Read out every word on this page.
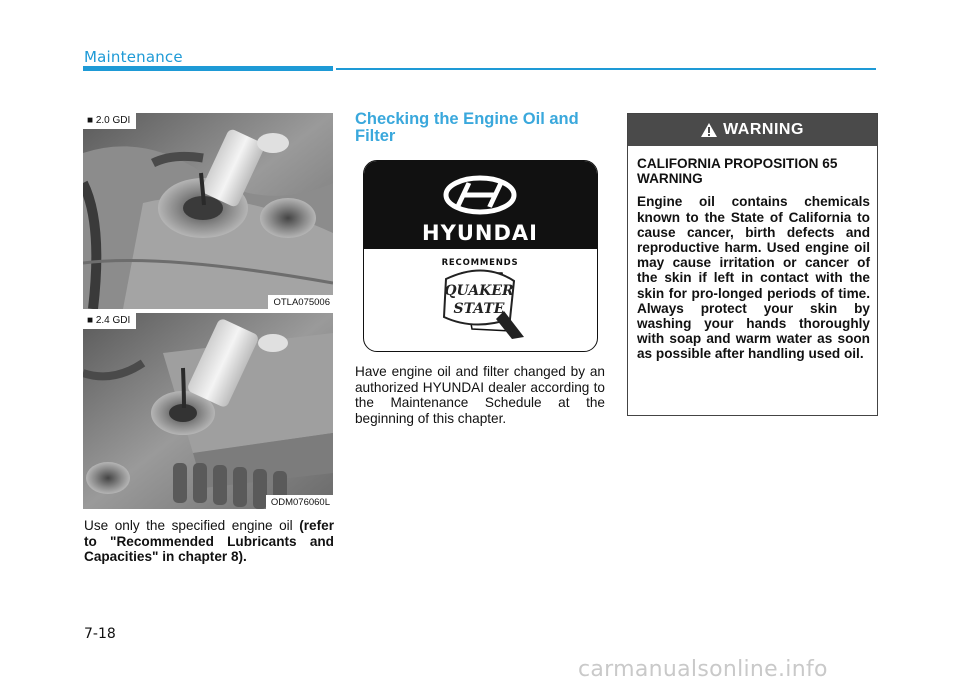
Maintenance
■ 2.0 GDI
OTLA075006
■ 2.4 GDI
ODM076060L
Use only the specified engine oil (refer to "Recommended Lubricants and Capacities" in chapter 8).
Checking the Engine Oil and Filter
HYUNDAI
RECOMMENDS
QUAKER
STATE
Have engine oil and filter changed by an authorized HYUNDAI dealer according to the Maintenance Schedule at the beginning of this chapter.
WARNING

CALIFORNIA PROPOSITION 65 WARNING

Engine oil contains chemicals known to the State of California to cause cancer, birth defects and reproductive harm. Used engine oil may cause irritation or cancer of the skin if left in contact with the skin for pro-longed periods of time. Always protect your skin by washing your hands thoroughly with soap and warm water as soon as possible after handling used oil.

7-18
carmanualsonline.info
